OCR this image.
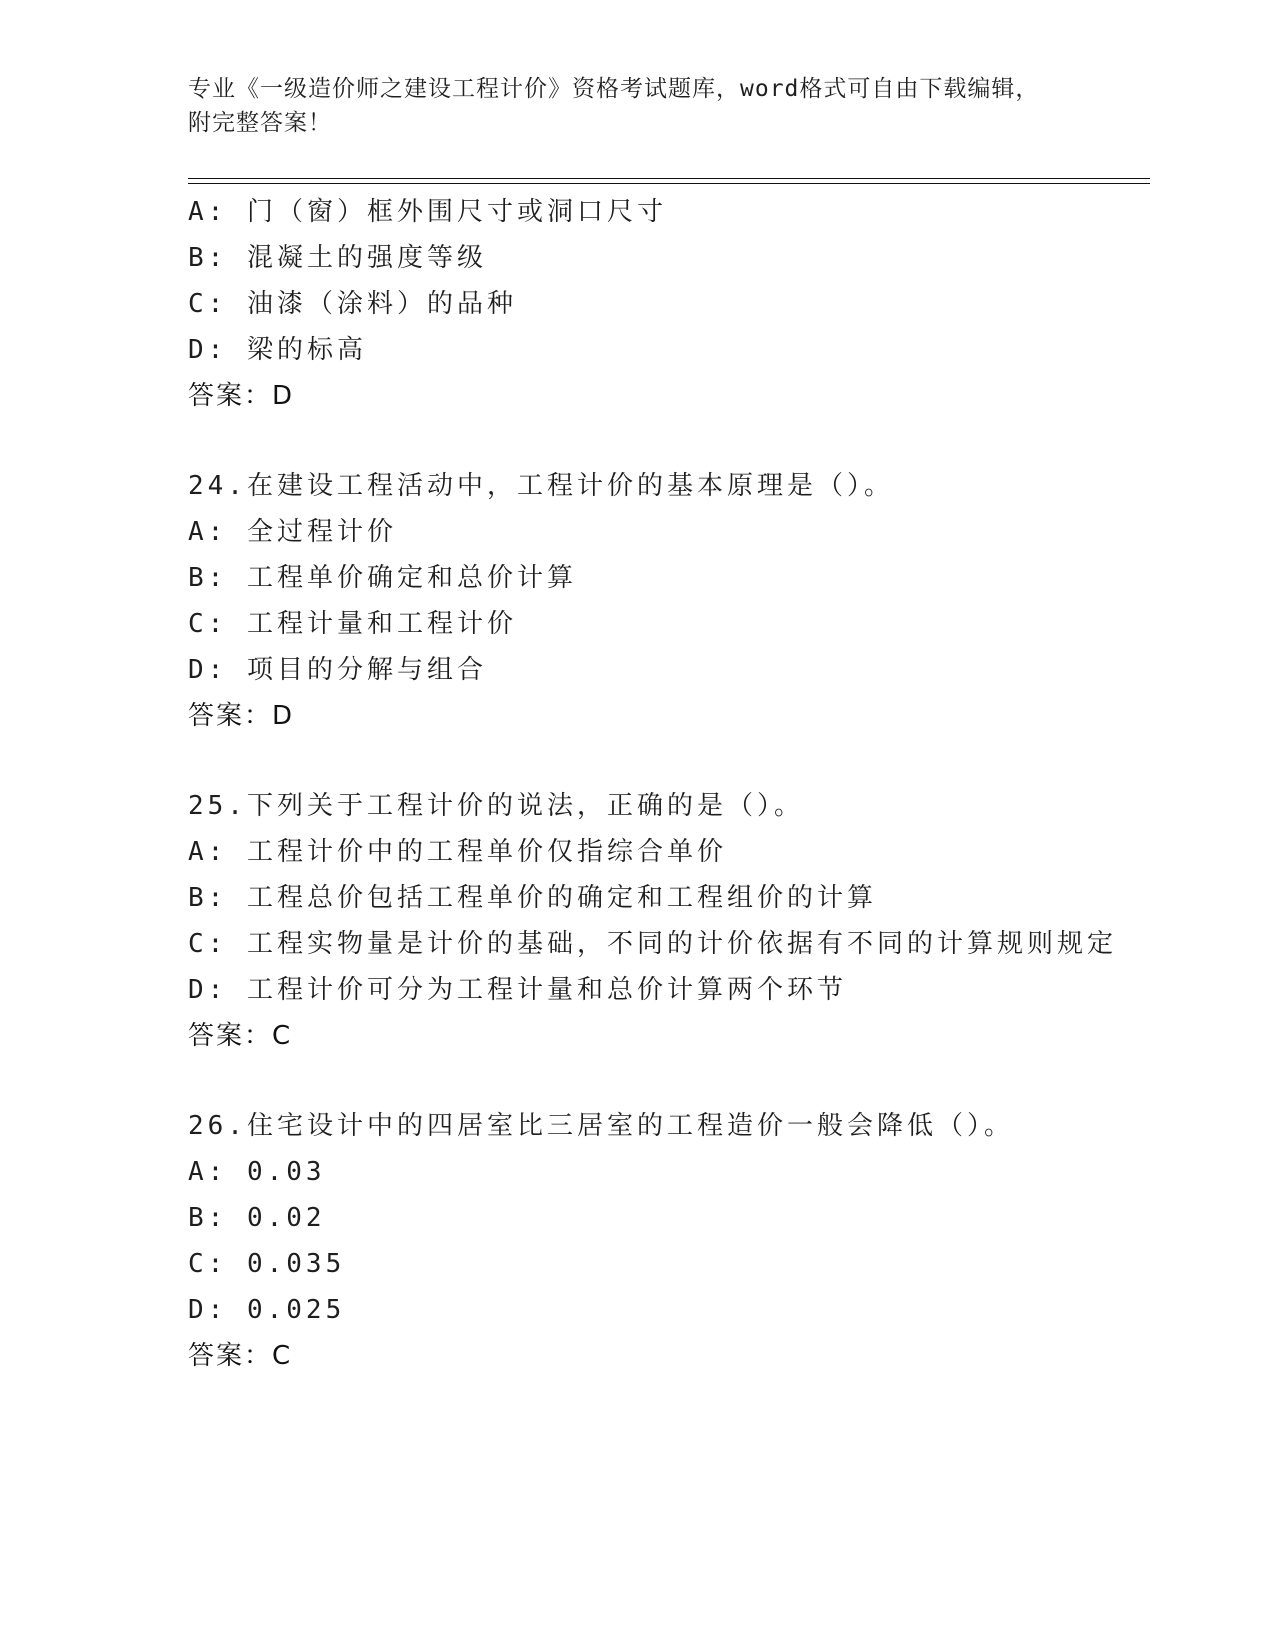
专业《一级造价师之建设工程计价》资格考试题库，word格式可自由下载编辑，
附完整答案！
A: 门（窗）框外围尺寸或洞口尺寸
B: 混凝土的强度等级
C: 油漆（涂料）的品种
D: 梁的标高
答案：D
24.在建设工程活动中，工程计价的基本原理是（）。
A: 全过程计价
B: 工程单价确定和总价计算
C: 工程计量和工程计价
D: 项目的分解与组合
答案：D
25.下列关于工程计价的说法，正确的是（）。
A: 工程计价中的工程单价仅指综合单价
B: 工程总价包括工程单价的确定和工程组价的计算
C: 工程实物量是计价的基础，不同的计价依据有不同的计算规则规定
D: 工程计价可分为工程计量和总价计算两个环节
答案：C
26.住宅设计中的四居室比三居室的工程造价一般会降低（）。
A: 0.03
B: 0.02
C: 0.035
D: 0.025
答案：C
